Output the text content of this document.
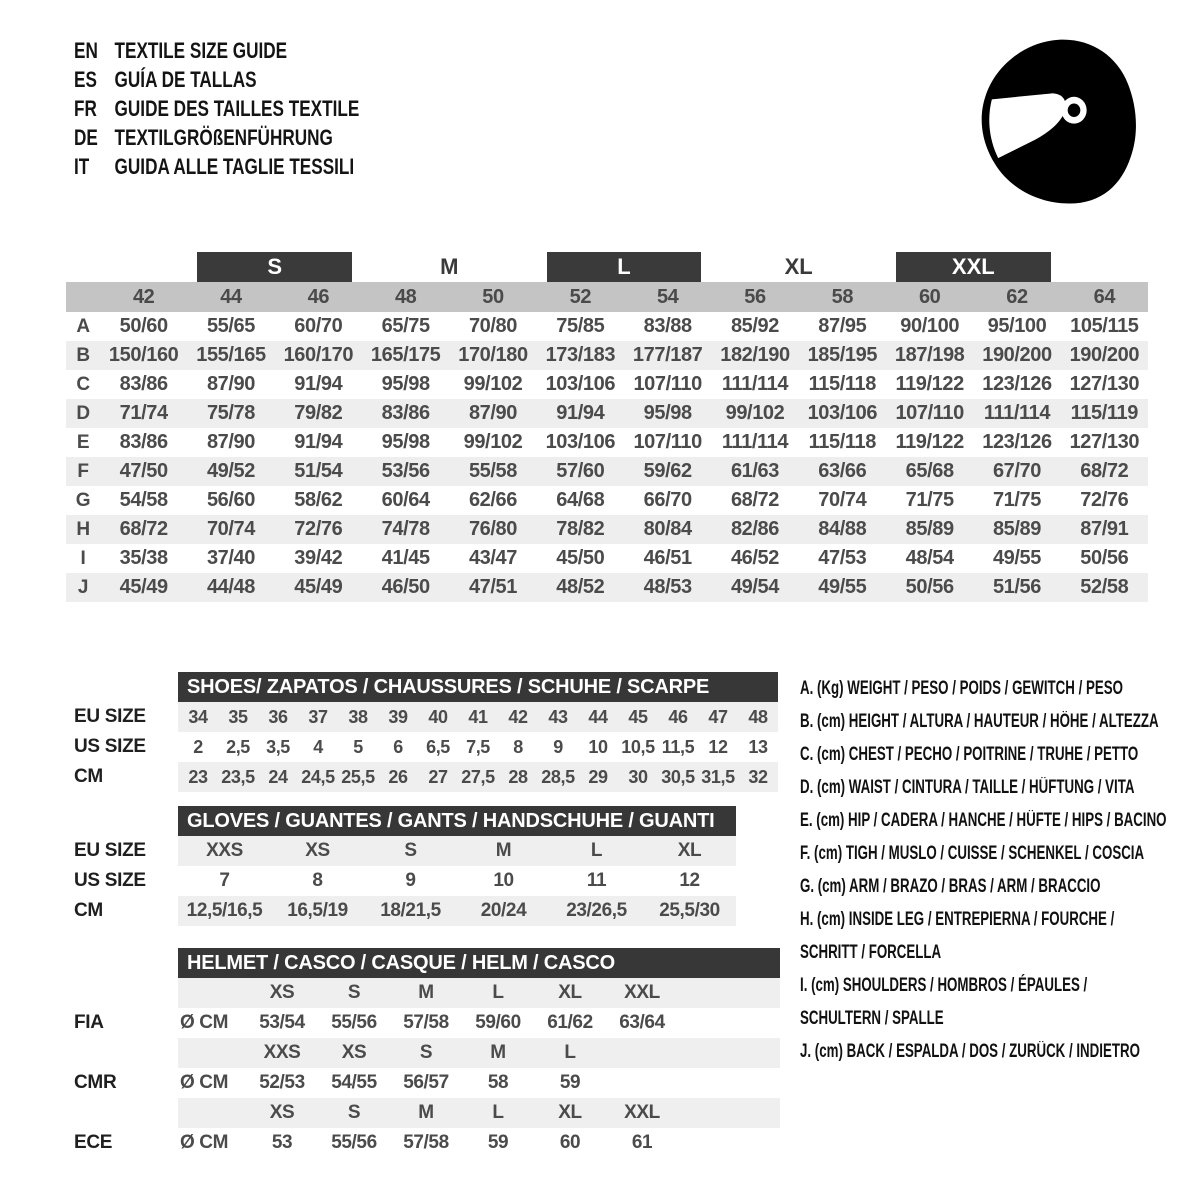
EN TEXTILE SIZE GUIDE
ES GUÍA DE TALLAS
FR GUIDE DES TAILLES TEXTILE
DE TEXTILGRÖßENFÜHRUNG
IT	GUIDA ALLE TAGLIE TESSILI
S	M	L	XL	XXL
42	44	46	48	50	52	54	56	58	60	62	64
A	50/60	55/65	60/70	65/75	70/80	75/85	83/88	85/92	87/95	90/100	95/100	105/115
B 150/160 155/165 160/170 165/175 170/180 173/183 177/187 182/190 185/195 187/198 190/200 190/200
C	83/86	87/90	91/94	95/98	99/102	103/106 107/110	111/114	115/118 119/122 123/126 127/130
D	71/74	75/78	79/82	83/86	87/90	91/94	95/98	99/102	103/106 107/110	111/114	115/119
E	83/86	87/90	91/94	95/98	99/102	103/106 107/110	111/114	115/118 119/122 123/126 127/130
F	47/50	49/52	51/54	53/56	55/58	57/60	59/62	61/63	63/66	65/68	67/70	68/72
G	54/58	56/60	58/62	60/64	62/66	64/68	66/70	68/72	70/74	71/75	71/75	72/76
H	68/72	70/74	72/76	74/78	76/80	78/82	80/84	82/86	84/88	85/89	85/89	87/91
I	35/38	37/40	39/42	41/45	43/47	45/50	46/51	46/52	47/53	48/54	49/55	50/56
J	45/49	44/48	45/49	46/50	47/51	48/52	48/53	49/54	49/55	50/56	51/56	52/58
SHOES/ ZAPATOS / CHAUSSURES / SCHUHE / SCARPE
EU SIZE	34	35	36	37	38	39	40	41	42	43	44	45	46	47	48
US SIZE	2	2,5 3,5	4	5	6	6,5 7,5	8	9	10 10,5 11,5 12	13
CM	23 23,5 24 24,5 25,5 26	27 27,5 28 28,5 29	30 30,5 31,5 32
GLOVES / GUANTES / GANTS / HANDSCHUHE / GUANTI
EU SIZE	XXS	XS	S	M	L	XL
US SIZE	7	8	9	10	11	12
CM	12,5/16,5	16,5/19	18/21,5	20/24	23/26,5	25,5/30
HELMET / CASCO / CASQUE / HELM / CASCO
XS	S	M	L	XL	XXL
FIA	Ø CM	53/54	55/56	57/58	59/60	61/62	63/64
XXS	XS	S	M	L
CMR	Ø CM	52/53	54/55	56/57	58	59
XS	S	M	L	XL	XXL
ECE	Ø CM	53	55/56	57/58	59	60	61
A. (Kg) WEIGHT / PESO / POIDS / GEWITCH / PESO
B. (cm) HEIGHT / ALTURA / HAUTEUR / HÖHE / ALTEZZA
C. (cm) CHEST / PECHO / POITRINE / TRUHE / PETTO
D. (cm) WAIST / CINTURA / TAILLE / HÜFTUNG / VITA
E. (cm) HIP / CADERA / HANCHE / HÜFTE / HIPS / BACINO
F. (cm) TIGH / MUSLO / CUISSE / SCHENKEL / COSCIA
G. (cm) ARM / BRAZO / BRAS / ARM / BRACCIO
H. (cm) INSIDE LEG / ENTREPIERNA / FOURCHE /
SCHRITT / FORCELLA
I. (cm) SHOULDERS / HOMBROS / ÉPAULES /
SCHULTERN / SPALLE
J. (cm) BACK / ESPALDA / DOS / ZURÜCK / INDIETRO
